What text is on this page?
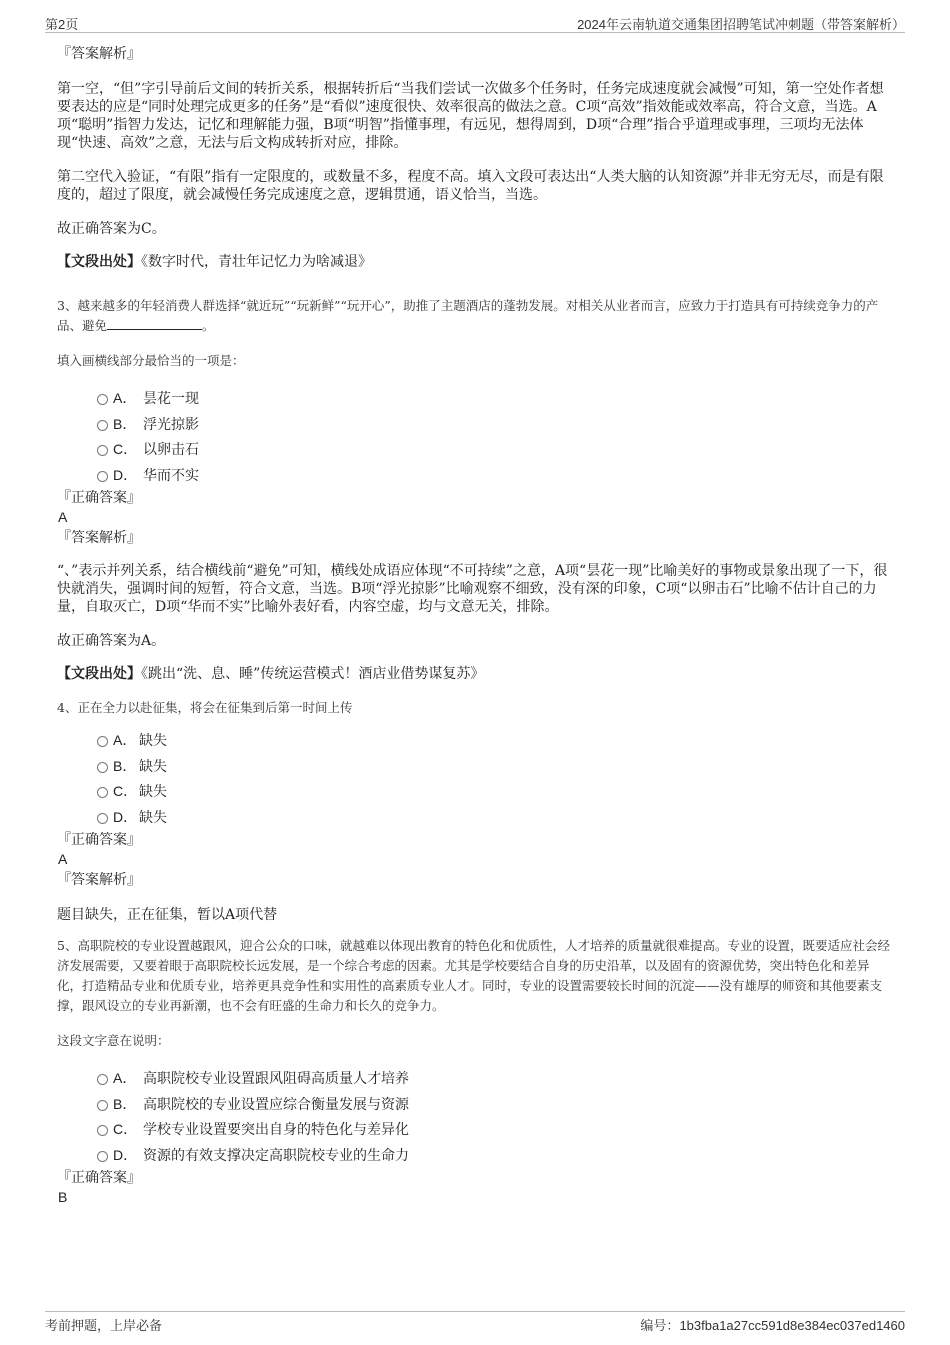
第2页	2024年云南轨道交通集团招聘笔试冲刺题（带答案解析）

『答案解析』

第一空，“但”字引导前后文间的转折关系，根据转折后“当我们尝试一次做多个任务时，任务完成速度就会减慢”可知，第一空处作者想要表达的应是“同时处理完成更多的任务”是“看似”速度很快、效率很高的做法之意。C项“高效”指效能或效率高，符合文意，当选。A项“聪明”指智力发达，记忆和理解能力强，B项“明智”指懂事理，有远见，想得周到，D项“合理”指合乎道理或事理，三项均无法体现“快速、高效”之意，无法与后文构成转折对应，排除。

第二空代入验证，“有限”指有一定限度的，或数量不多，程度不高。填入文段可表达出“人类大脑的认知资源”并非无穷无尽，而是有限度的，超过了限度，就会减慢任务完成速度之意，逻辑贯通，语义恰当，当选。

故正确答案为C。

【文段出处】《数字时代，青壮年记忆力为啥减退》

3、越来越多的年轻消费人群选择“就近玩”“玩新鲜”“玩开心”，助推了主题酒店的蓬勃发展。对相关从业者而言，应致力于打造具有可持续竞争力的产品、避免	。

填入画横线部分最恰当的一项是：

A． 昙花一现
B． 浮光掠影
C． 以卵击石
D． 华而不实

『正确答案』

A

『答案解析』

“、”表示并列关系，结合横线前“避免”可知，横线处成语应体现“不可持续”之意，A项“昙花一现”比喻美好的事物或景象出现了一下，很快就消失，强调时间的短暂，符合文意，当选。B项“浮光掠影”比喻观察不细致，没有深的印象，C项“以卵击石”比喻不估计自己的力量，自取灭亡，D项“华而不实”比喻外表好看，内容空虚，均与文意无关，排除。

故正确答案为A。

【文段出处】《跳出“洗、息、睡”传统运营模式！酒店业借势谋复苏》

4、正在全力以赴征集，将会在征集到后第一时间上传

A． 缺失
B． 缺失
C． 缺失
D． 缺失

『正确答案』

A

『答案解析』

题目缺失，正在征集，暂以A项代替

5、高职院校的专业设置越跟风，迎合公众的口味，就越难以体现出教育的特色化和优质性，人才培养的质量就很难提高。专业的设置，既要适应社会经济发展需要，又要着眼于高职院校长远发展，是一个综合考虑的因素。尤其是学校要结合自身的历史沿革，以及固有的资源优势，突出特色化和差异化，打造精品专业和优质专业，培养更具竞争性和实用性的高素质专业人才。同时，专业的设置需要较长时间的沉淀——没有雄厚的师资和其他要素支撑，跟风设立的专业再新潮，也不会有旺盛的生命力和长久的竞争力。

这段文字意在说明：

A． 高职院校专业设置跟风阻碍高质量人才培养
B． 高职院校的专业设置应综合衡量发展与资源
C． 学校专业设置要突出自身的特色化与差异化
D． 资源的有效支撑决定高职院校专业的生命力

『正确答案』

B

考前押题，上岸必备	编号：1b3fba1a27cc591d8e384ec037ed1460
